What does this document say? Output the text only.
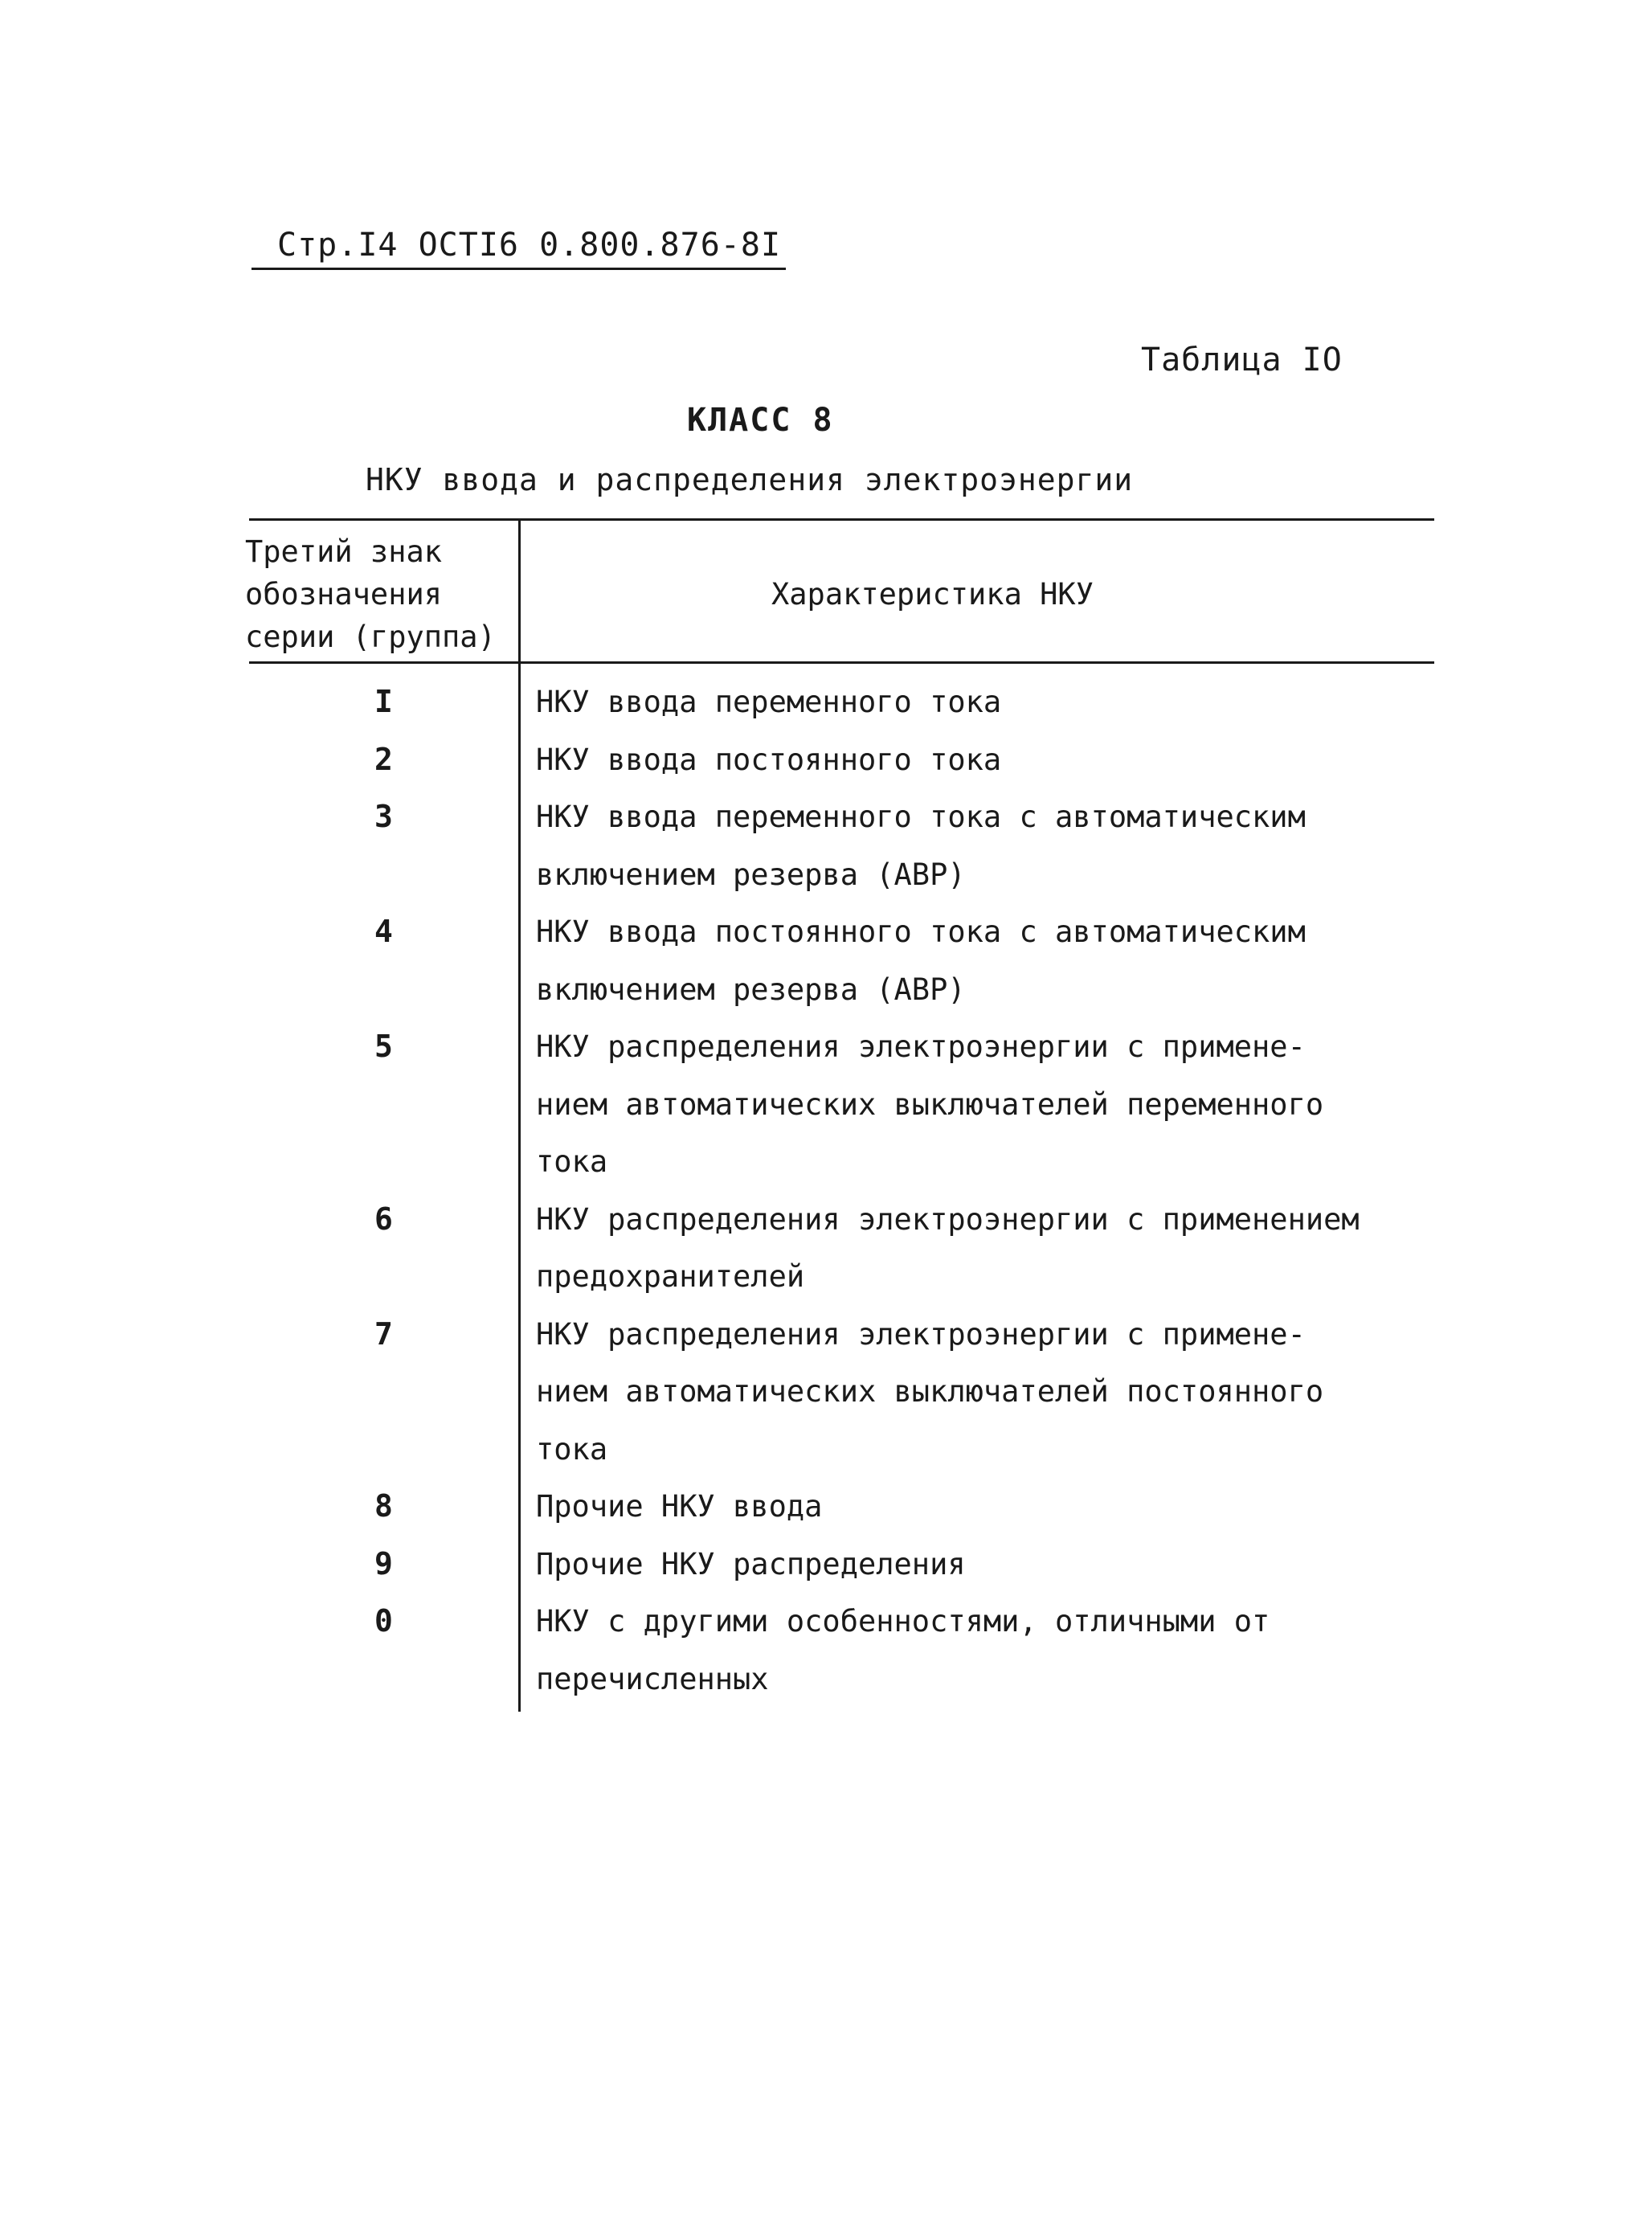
Стр.I4 ОСТI6 0.800.876-8I
Таблица IO
КЛАСС 8
НКУ ввода и распределения электроэнергии
Третий знак
обозначения
серии (группа)
Характеристика НКУ
I	НКУ ввода переменного тока
2	НКУ ввода постоянного тока
3	НКУ ввода переменного тока с автоматическим
включением резерва (АВР)
4	НКУ ввода постоянного тока с автоматическим
включением резерва (АВР)
5	НКУ распределения электроэнергии с примене-
нием автоматических выключателей переменного
тока
6	НКУ распределения электроэнергии с применением
предохранителей
7	НКУ распределения электроэнергии с примене-
нием автоматических выключателей постоянного
тока
8	Прочие НКУ ввода
9	Прочие НКУ распределения
0	НКУ с другими особенностями, отличными от
перечисленных
